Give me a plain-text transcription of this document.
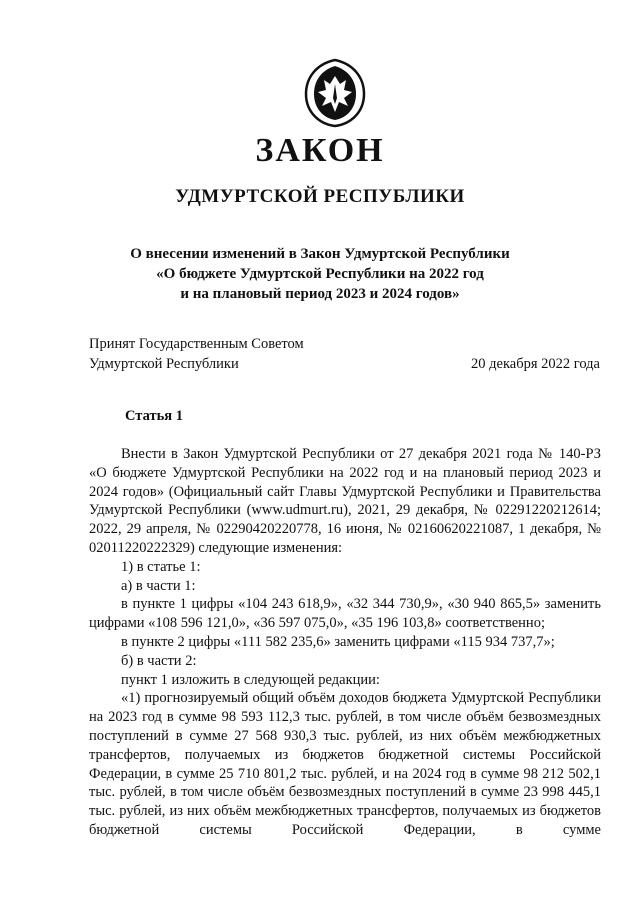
ЗАКОН
УДМУРТСКОЙ РЕСПУБЛИКИ
О внесении изменений в Закон Удмуртской Республики
«О бюджете Удмуртской Республики на 2022 год
и на плановый период 2023 и 2024 годов»
Принят Государственным Советом
Удмуртской Республики	20 декабря 2022 года
Статья 1

Внести в Закон Удмуртской Республики от 27 декабря 2021 года № 140-РЗ «О бюджете Удмуртской Республики на 2022 год и на плановый период 2023 и 2024 годов» (Официальный сайт Главы Удмуртской Республики и Правительства Удмуртской Республики (www.udmurt.ru), 2021, 29 декабря, № 02291220212614; 2022, 29 апреля, № 02290420220778, 16 июня, № 02160620221087, 1 декабря, № 02011220222329) следующие изменения:

1) в статье 1:

а) в части 1:

в пункте 1 цифры «104 243 618,9», «32 344 730,9», «30 940 865,5» заменить цифрами «108 596 121,0», «36 597 075,0», «35 196 103,8» соответственно;

в пункте 2 цифры «111 582 235,6» заменить цифрами «115 934 737,7»;

б) в части 2:

пункт 1 изложить в следующей редакции:

«1) прогнозируемый общий объём доходов бюджета Удмуртской Республики на 2023 год в сумме 98 593 112,3 тыс. рублей, в том числе объём безвозмездных поступлений в сумме 27 568 930,3 тыс. рублей, из них объём межбюджетных трансфертов, получаемых из бюджетов бюджетной системы Российской Федерации, в сумме 25 710 801,2 тыс. рублей, и на 2024 год в сумме 98 212 502,1 тыс. рублей, в том числе объём безвозмездных поступлений в сумме 23 998 445,1 тыс. рублей, из них объём межбюджетных трансфертов, получаемых из бюджетов бюджетной системы Российской Федерации, в сумме
